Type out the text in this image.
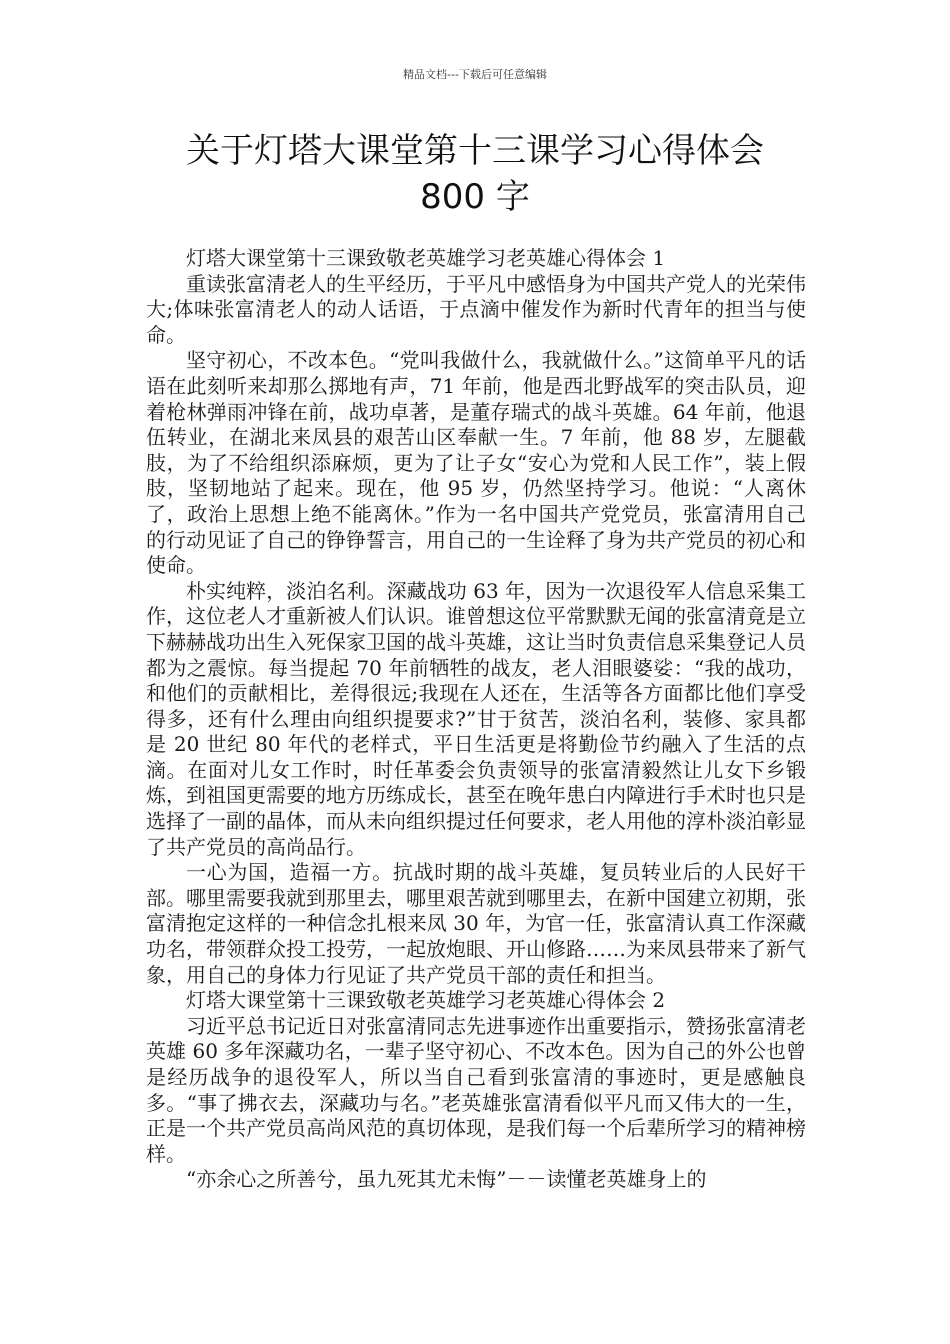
精品文档---下载后可任意编辑
关于灯塔大课堂第十三课学习心得体会
800 字

灯塔大课堂第十三课致敬老英雄学习老英雄心得体会 1

重读张富清老人的生平经历，于平凡中感悟身为中国共产党人的光荣伟大;体味张富清老人的动人话语，于点滴中催发作为新时代青年的担当与使命。

坚守初心，不改本色。“党叫我做什么，我就做什么。”这简单平凡的话语在此刻听来却那么掷地有声，71 年前，他是西北野战军的突击队员，迎着枪林弹雨冲锋在前，战功卓著，是董存瑞式的战斗英雄。64 年前，他退伍转业，在湖北来凤县的艰苦山区奉献一生。7 年前，他 88 岁，左腿截肢，为了不给组织添麻烦，更为了让子女“安心为党和人民工作”，装上假肢，坚韧地站了起来。现在，他 95 岁，仍然坚持学习。他说：“人离休了，政治上思想上绝不能离休。”作为一名中国共产党党员，张富清用自己的行动见证了自己的铮铮誓言，用自己的一生诠释了身为共产党员的初心和使命。

朴实纯粹，淡泊名利。深藏战功 63 年，因为一次退役军人信息采集工作，这位老人才重新被人们认识。谁曾想这位平常默默无闻的张富清竟是立下赫赫战功出生入死保家卫国的战斗英雄，这让当时负责信息采集登记人员都为之震惊。每当提起 70 年前牺牲的战友，老人泪眼婆娑：“我的战功，和他们的贡献相比，差得很远;我现在人还在，生活等各方面都比他们享受得多，还有什么理由向组织提要求?”甘于贫苦，淡泊名利，装修、家具都是 20 世纪 80 年代的老样式，平日生活更是将勤俭节约融入了生活的点滴。在面对儿女工作时，时任革委会负责领导的张富清毅然让儿女下乡锻炼，到祖国更需要的地方历练成长，甚至在晚年患白内障进行手术时也只是选择了一副的晶体，而从未向组织提过任何要求，老人用他的淳朴淡泊彰显了共产党员的高尚品行。

一心为国，造福一方。抗战时期的战斗英雄，复员转业后的人民好干部。哪里需要我就到那里去，哪里艰苦就到哪里去，在新中国建立初期，张富清抱定这样的一种信念扎根来凤 30 年，为官一任，张富清认真工作深藏功名，带领群众投工投劳，一起放炮眼、开山修路……为来凤县带来了新气象，用自己的身体力行见证了共产党员干部的责任和担当。

灯塔大课堂第十三课致敬老英雄学习老英雄心得体会 2

习近平总书记近日对张富清同志先进事迹作出重要指示，赞扬张富清老英雄 60 多年深藏功名，一辈子坚守初心、不改本色。因为自己的外公也曾是经历战争的退役军人，所以当自己看到张富清的事迹时，更是感触良多。“事了拂衣去，深藏功与名。”老英雄张富清看似平凡而又伟大的一生，正是一个共产党员高尚风范的真切体现，是我们每一个后辈所学习的精神榜样。

“亦余心之所善兮，虽九死其尤未悔”－－读懂老英雄身上的
